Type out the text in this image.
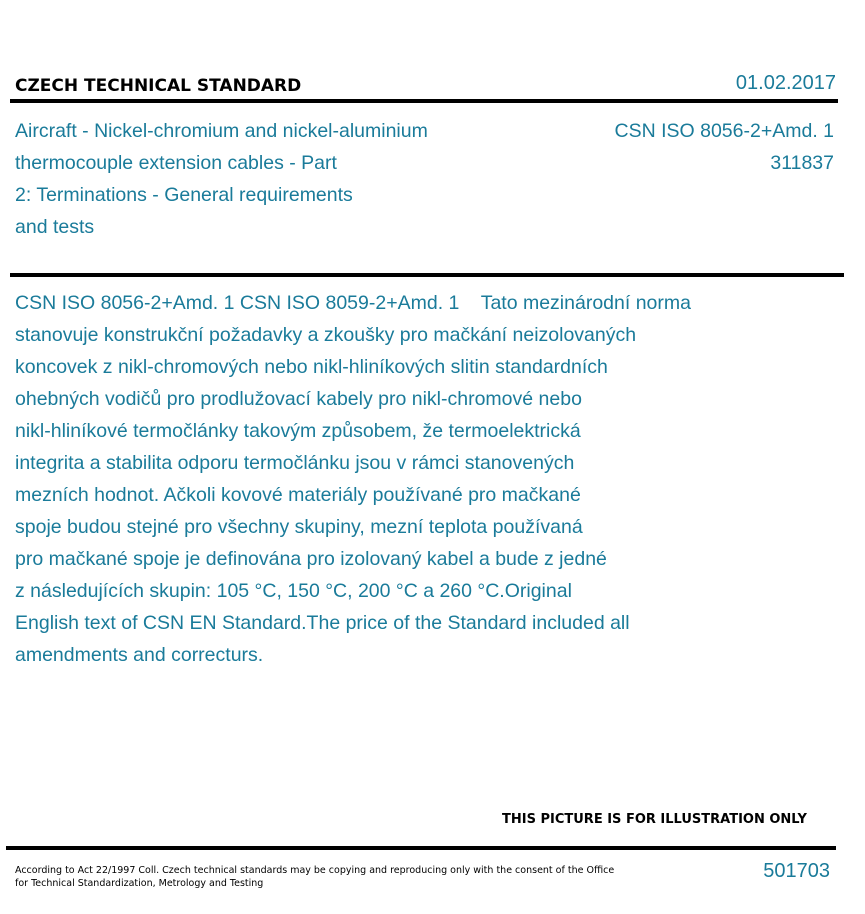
CZECH TECHNICAL STANDARD	01.02.2017
Aircraft - Nickel-chromium and nickel-aluminium
thermocouple extension cables - Part
2: Terminations - General requirements
and tests
CSN ISO 8056-2+Amd. 1
311837
CSN ISO 8056-2+Amd. 1 CSN ISO 8059-2+Amd. 1    Tato mezinárodní norma
stanovuje konstrukční požadavky a zkoušky pro mačkání neizolovaných
koncovek z nikl-chromových nebo nikl-hliníkových slitin standardních
ohebných vodičů pro prodlužovací kabely pro nikl-chromové nebo
nikl-hliníkové termočlánky takovým způsobem, že termoelektrická
integrita a stabilita odporu termočlánku jsou v rámci stanovených
mezních hodnot. Ačkoli kovové materiály používané pro mačkané
spoje budou stejné pro všechny skupiny, mezní teplota používaná
pro mačkané spoje je definována pro izolovaný kabel a bude z jedné
z následujících skupin: 105 °C, 150 °C, 200 °C a 260 °C.Original
English text of CSN EN Standard.The price of the Standard included all
amendments and correcturs.
THIS PICTURE IS FOR ILLUSTRATION ONLY
According to Act 22/1997 Coll. Czech technical standards may be copying and reproducing only with the consent of the Office
for Technical Standardization, Metrology and Testing
501703
